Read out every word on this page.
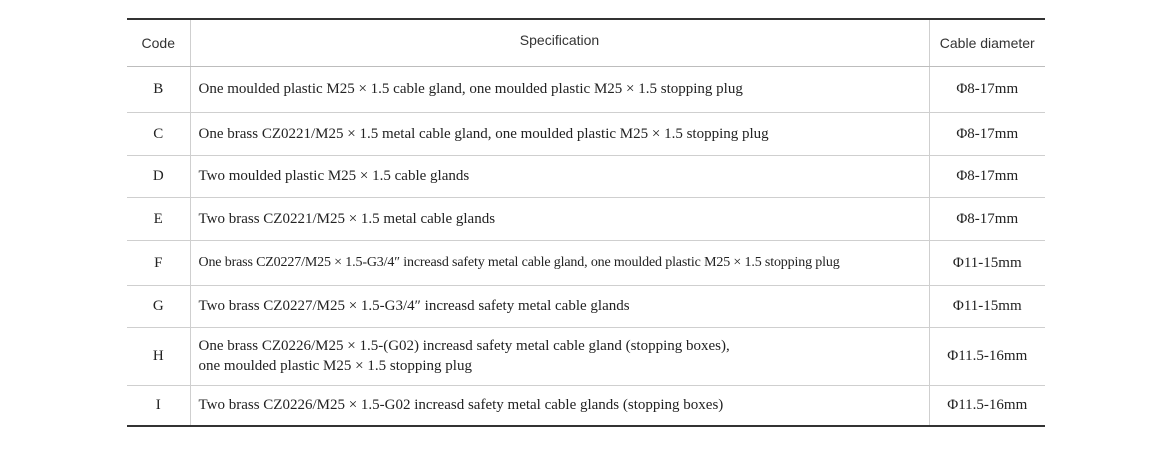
Code	Specification	Cable diameter
B	One moulded plastic M25 × 1.5 cable gland, one moulded plastic M25 × 1.5 stopping plug	Φ8-17mm
C	One brass CZ0221/M25 × 1.5 metal cable gland, one moulded plastic M25 × 1.5 stopping plug	Φ8-17mm
D	Two moulded plastic M25 × 1.5 cable glands	Φ8-17mm
E	Two brass CZ0221/M25 × 1.5 metal cable glands	Φ8-17mm
F	One brass CZ0227/M25 × 1.5-G3/4″ increasd safety metal cable gland, one moulded plastic M25 × 1.5 stopping plug	Φ11-15mm
G	Two brass CZ0227/M25 × 1.5-G3/4″ increasd safety metal cable glands	Φ11-15mm
H	One brass CZ0226/M25 × 1.5-(G02) increasd safety metal cable gland (stopping boxes),
one moulded plastic M25 × 1.5 stopping plug	Φ11.5-16mm
I	Two brass CZ0226/M25 × 1.5-G02 increasd safety metal cable glands (stopping boxes)	Φ11.5-16mm
